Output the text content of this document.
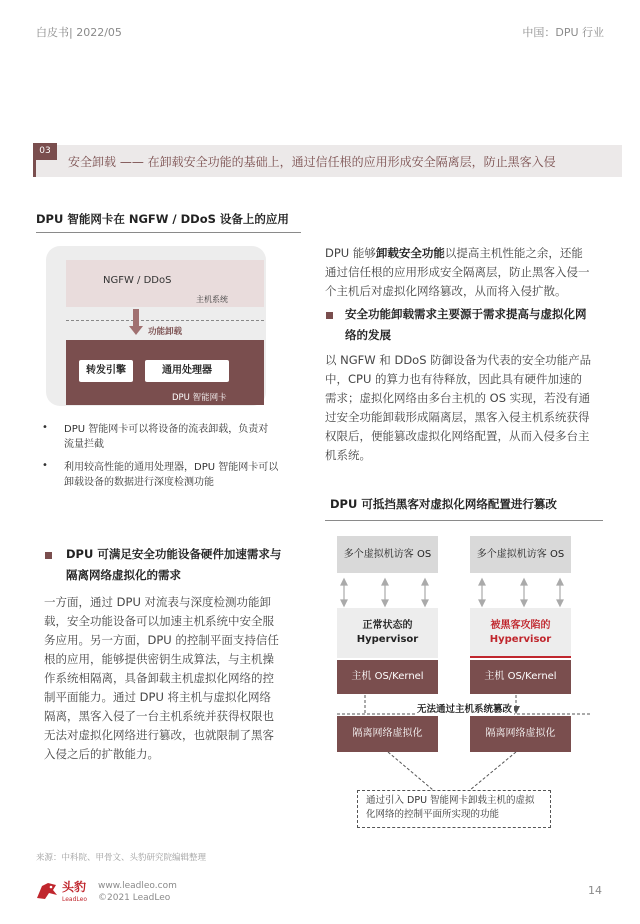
白皮书| 2022/05	中国：DPU 行业
03
安全卸载 —— 在卸载安全功能的基础上，通过信任根的应用形成安全隔离层，防止黑客入侵
DPU 智能网卡在 NGFW / DDoS 设备上的应用
NGFW / DDoS
主机系统
功能卸载
转发引擎	通用处理器
DPU 智能网卡
• DPU 智能网卡可以将设备的流表卸载，负责对流量拦截
• 利用较高性能的通用处理器，DPU 智能网卡可以卸载设备的数据进行深度检测功能
DPU 可满足安全功能设备硬件加速需求与
隔离网络虚拟化的需求
一方面，通过 DPU 对流表与深度检测功能卸
载，安全功能设备可以加速主机系统中安全服
务应用。另一方面，DPU 的控制平面支持信任
根的应用，能够提供密钥生成算法，与主机操
作系统相隔离，具备卸载主机虚拟化网络的控
制平面能力。通过 DPU 将主机与虚拟化网络
隔离，黑客入侵了一台主机系统并获得权限也
无法对虚拟化网络进行篡改，也就限制了黑客
入侵之后的扩散能力。
DPU 能够卸载安全功能以提高主机性能之余，还能
通过信任根的应用形成安全隔离层，防止黑客入侵一
个主机后对虚拟化网络篡改，从而将入侵扩散。
安全功能卸载需求主要源于需求提高与虚拟化网
络的发展
以 NGFW 和 DDoS 防御设备为代表的安全功能产品
中，CPU 的算力也有待释放，因此具有硬件加速的
需求；虚拟化网络由多台主机的 OS 实现，若没有通
过安全功能卸载形成隔离层，黑客入侵主机系统获得
权限后，便能篡改虚拟化网络配置，从而入侵多台主
机系统。
DPU 可抵挡黑客对虚拟化网络配置进行篡改
多个虚拟机访客 OS	多个虚拟机访客 OS
正常状态的
Hypervisor
被黑客攻陷的
Hypervisor
主机 OS/Kernel	主机 OS/Kernel
无法通过主机系统篡改
隔离网络虚拟化	隔离网络虚拟化
通过引入 DPU 智能网卡卸载主机的虚拟化网络的控制平面所实现的功能
来源：中科院、甲骨文、头豹研究院编辑整理
头豹
LeadLeo
www.leadleo.com
©2021 LeadLeo
14
